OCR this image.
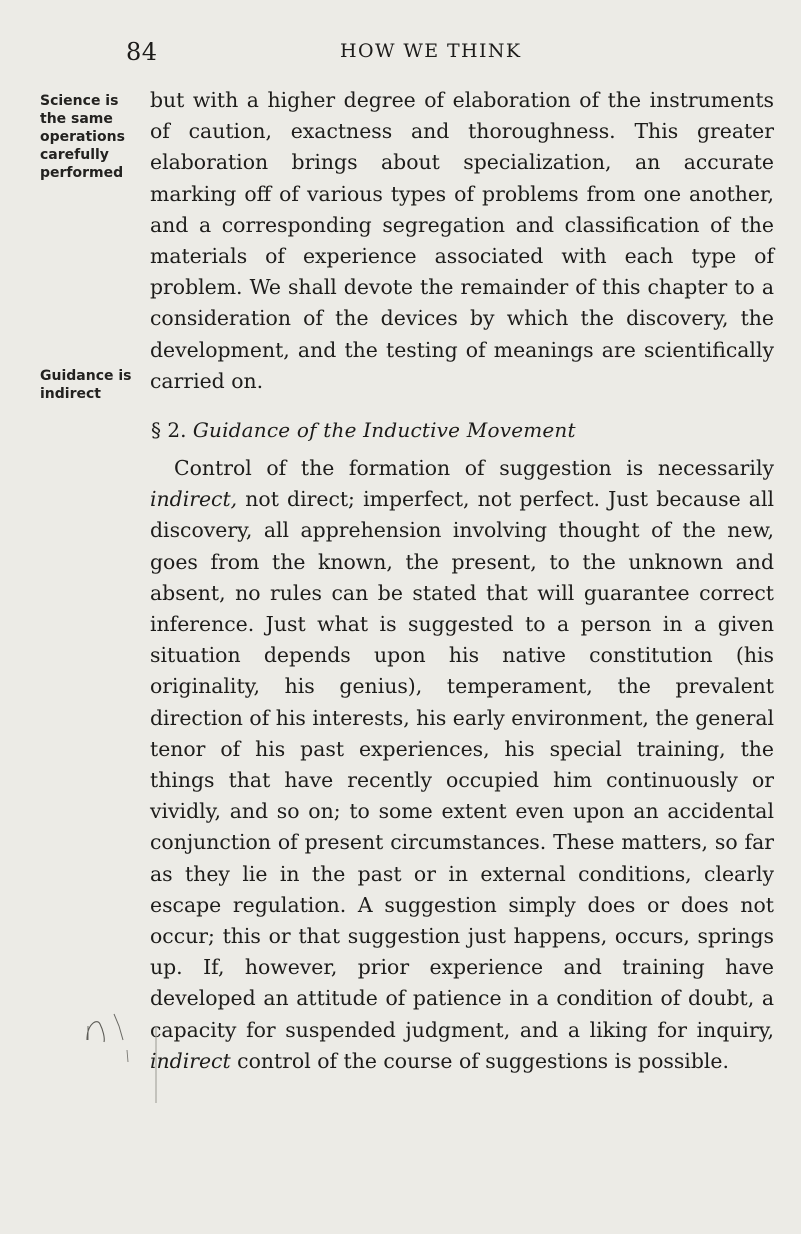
84	HOW WE THINK
Science is the same operations carefully performed
Guidance is indirect

but with a higher degree of elaboration of the instruments of caution, exactness and thoroughness. This greater elaboration brings about specialization, an accurate marking off of various types of problems from one another, and a corresponding segregation and classification of the materials of experience associated with each type of problem. We shall devote the remainder of this chapter to a consideration of the devices by which the discovery, the development, and the testing of meanings are scientifically carried on.

§ 2. Guidance of the Inductive Movement

Control of the formation of suggestion is necessarily indirect, not direct; imperfect, not perfect. Just because all discovery, all apprehension involving thought of the new, goes from the known, the present, to the unknown and absent, no rules can be stated that will guarantee correct inference. Just what is suggested to a person in a given situation depends upon his native constitution (his originality, his genius), temperament, the prevalent direction of his interests, his early environment, the general tenor of his past experiences, his special training, the things that have recently occupied him continuously or vividly, and so on; to some extent even upon an accidental conjunction of present circumstances. These matters, so far as they lie in the past or in external conditions, clearly escape regulation. A suggestion simply does or does not occur; this or that suggestion just happens, occurs, springs up. If, however, prior experience and training have developed an attitude of patience in a condition of doubt, a capacity for suspended judgment, and a liking for inquiry, indirect control of the course of suggestions is possible.
